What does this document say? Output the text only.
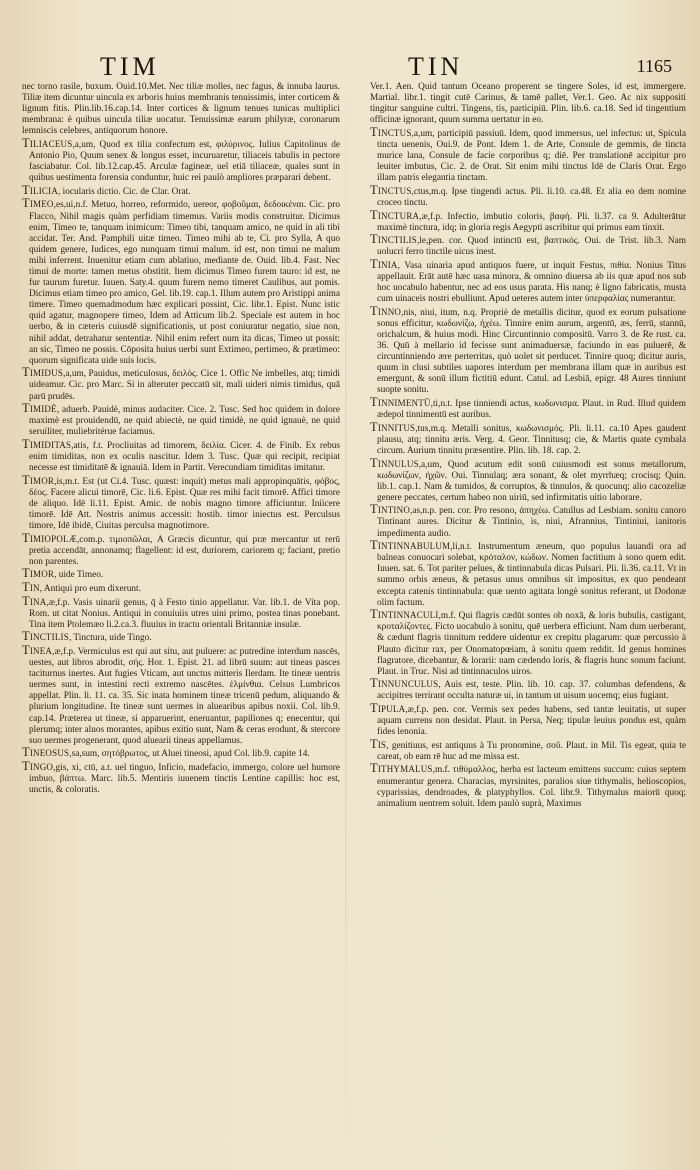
TIM	TIN	1165

nec torno rasile, buxum. Ouid.10.Met. Nec tiliæ molles, nec fagus, & innuba laurus. Tiliæ item dicuntur uincula ex arboris huius membranis tenuissimis, inter corticem & lignum fitis. Plin.lib.16.cap.14. Inter cortices & lignum tenues tunicas multiplici membrana: è quibus uincula tiliæ uocatur. Tenuissimæ earum philyræ, coronarum lemniscis celebres, antiquorum honore.

Tiliaceus,a,um, Quod ex tilia confectum est, φιλύρινος. Iulius Capitolinus de Antonio Pio, Quum senex & longus esset, incuruaretur, tiliaceis tabulis in pectore fasciabatur. Col. lib.12.cap.45. Arculæ fagineæ, uel etiā tiliaceæ, quales sunt in quibus uestimenta forensia conduntur, huic rei paulò ampliores præparari debent.

Tilicia, iocularis dictio. Cic. de Clar. Orat.

Timeo,es,ui,n.f. Metuo, horreo, reformido, uereor, φοβοῦμαι, δεδοικέναι. Cic. pro Flacco, Nihil magis quàm perfidiam timemus. Variis modis construitur. Dicimus enim, Timeo te, tanquam inimicum: Timeo tibi, tanquam amico, ne quid in ali tibi accidat. Ter. And. Pamphili uitæ timeo. Timeo mihi ab te, Ci. pro Sylla, A quo quidem genere, Iudices, ego nunquam timui malum. id est, non timui ne malum mihi inferrent. Inuenitur etiam cum ablatiuo, mediante de. Ouid. lib.4. Fast. Nec timui de morte: tamen metus obstitit. Item dicimus Timeo furem tauro: id est, ne fur taurum furetur. Iuuen. Saty.4. quum furem nemo timeret Caulibus, aut pomis. Dicimus etiam timeo pro amico, Gel. lib.19. cap.1. Illum autem pro Aristippi anima timere. Timeo quemadmodum hæc explicari possint, Cic. libr.1. Epist. Nunc istic quid agatur, magnopere timeo, Idem ad Atticum lib.2. Speciale est autem in hoc uerbo, & in cæteris cuiusdē significationis, ut post coniuratur negatio, siue non, nihil addat, detrahatur sententiæ. Nihil enim refert num ita dicas, Timeo ut possit: an sic, Timeo ne possis. Cōposita huius uerbi sunt Extimeo, pertimeo, & prætimeo: quorum significata uide suis locis.

Timidus,a,um, Pauidus, meticulosus, δειλός. Cice 1. Offic Ne imbelles, atq; timidi uideamur. Cic. pro Marc. Si in alteruter peccatū sit, mali uideri nimis timidus, quā parū prudēs.

Timidè, aduerb. Pauidè, minus audaciter. Cice. 2. Tusc. Sed hoc quidem in dolore maximè est prouidendū, ne quid abiectè, ne quid timidè, ne quid ignauè, ne quid seruiliter, muliebritérue faciamus.

Timiditas,atis, f.t. Procliuitas ad timorem, δειλία. Cicer. 4. de Finib. Ex rebus enim timiditas, non ex oculis nascitur. Idem 3. Tusc. Quæ qui recipit, recipiat necesse est timiditatē & ignauiā. Idem in Partit. Verecundiam timiditas imitatur.

Timor,is,m.t. Est (ut Ci.4. Tusc. quæst: inquit) metus mali appropinquātis, φόβος, δέος. Facere alicui timorē, Cic. li.6. Epist. Quæ res mihi facit timorē. Affici timore de aliquo. Idē li.11. Epist. Amic. de nobis magno timore afficiuntur. Iniicere timorē. Idē Att. Nostris animus accessit: hostib. timor iniectus est. Perculsus timore, Idē ibidē, Ciuitas perculsa magnotimore.

Timiopolæ,com.p. τιμιοπῶλαι, A Græcis dicuntur, qui præ mercantur ut rerū pretia accendāt, annonamq; flagellent: id est, duriorem, cariorem q; faciant, pretio non parentes.

Timor, uide Timeo.

Tin, Antiqui pro eum dixerunt.

Tina,æ,f.p. Vasis uinarii genus, q̄ à Festo tinio appellatur. Var. lib.1. de Vita pop. Rom. ut citat Nonius. Antiqui in conuiuiis utres uini primo, postea tinas ponebant. Tina item Ptolemæo li.2.ca.3. fluuius in tractu orientali Britanniæ insulæ.

Tinctilis, Tinctura, uide Tingo.

Tinea,æ,f.p. Vermiculus est qui aut situ, aut puluere: ac putredine interdum nascēs, uestes, aut libros abrodit, σής. Hor. 1. Epist. 21. ad librū suum: aut tineas pasces taciturnus inertes. Aut fugies Vticam, aut unctus mitteris Ilerdam. Ite tineæ uentris uermes sunt, in intestini recti extremo nascētes. ἑλμίνθια. Celsus Lumbricos appellat. Plin. li. 11. ca. 35. Sic inata hominem tineæ tricenū pedum, aliquando & plurium longitudine. Ite tineæ sunt uermes in aluearibus apibus noxii. Col. lib.9. cap.14. Præterea ut tineæ, si apparuerint, eneruantur, papiliones q; enecentur, qui plerumq; inter aluos morantes, apibus exitio sunt, Nam & ceras erodunt, & stercore suo uermes progenerant, quod aluearii tineas appellamus.

Tineosus,sa,sum, σητόβρωτος, ut Aluei tineosi, apud Col. lib.9. capite 14.

Tingo,gis, xi, ctū, a.t. uel tinguo, Inficio, madefacio, immergo, colore uel humore imbuo, βάπτω. Marc. lib.5. Mentiris iuuenem tinctis Lentine capillis: hoc est, unctis, & coloratis.

Ver.1. Aen. Quid tantum Oceano properent se tingere Soles, id est, immergere. Martial. libr.1. tingit cutē Carinus, & tamē pallet, Ver.1. Geo. Ac nix suppositi tingitur sanguine cultri. Tingens, tis, participiū. Plin. lib.6. ca.18. Sed id tingentium officinæ ignorant, quum summa uertatur in eo.

Tinctus,a,um, participiū passiuū. Idem, quod immersus, uel infectus: ut, Spicula tincta uenenis, Oui.9. de Pont. Idem 1. de Arte, Consule de gemmis, de tincta murice lana, Consule de facie corporibus q; diē. Per translationē accipitur pro leuiter imbutus, Cic. 2. de Orat. Sit enim mihi tinctus Idē de Claris Orat. Ergo illam patris elegantia tinctam.

Tinctus,ctus,m.q. Ipse tingendi actus. Pli. li.10. ca.48. Et alia eo dem nomine croceo tinctu.

Tinctura,æ,f.p. Infectio, imbutio coloris, βαφή. Pli. li.37. ca 9. Adulterātur maximè tinctura, idq; in gloria regis Aegypti ascribitur qui primus eam tinxit.

Tinctilis,le,pen. cor. Quod intinctū est, βαπτικός. Oui. de Trist. lib.3. Nam uolucri ferro tinctile uicus inest.

Tinia, Vasa uinaria apud antiquos fuere, ut inquit Festus, πιθία. Nonius Titus appellauit. Erāt autē hæc uasa minora, & omnino diuersa ab iis quæ apud nos sub hoc uocabulo habentur, nec ad eos usus parata. His nanq; è ligno fabricatis, musta cum uinaceis nostri ebulliunt. Apud ueteres autem inter ὑπερφαλίας numerantur.

Tinno,nis, niui, itum, n.q. Propriè de metallis dicitur, quod ex eorum pulsatione sonus efficitur, κωδωνίζω, ἠχέω. Tinnire enim aurum, argentū, æs, ferrū, stannū, orichalcum, & huius modi. Hinc Circuntinnio compositū. Varro 3. de Re rust. ca. 36. Quū à mellario id fecisse sunt animaduersæ, faciundo in eas puluerē, & circuntinniendo ære perterritas, quò uolet sit perducet. Tinnire quoq; dicitur auris, quum in clusi subtiles uapores interdum per membrana illam quæ in auribus est emergunt, & sonū illum fictitiū edunt. Catul. ad Lesbiā, epigr. 48 Aures tinniunt suopte sonitu.

Tinnimentū,ti,n.t. Ipse tinniendi actus, κωδωνισμα. Plaut. in Rud. Illud quidem ædepol tinnimentū est auribus.

Tinnitus,tus,m.q. Metalli sonitus, κωδωνισμός. Pli. li.11. ca.10 Apes gaudent plausu, atq; tinnitu æris. Verg. 4. Geor. Tinnitusq; cie, & Martis quate cymbala circum. Aurium tinnitu præsentire. Plin. lib. 18. cap. 2.

Tinnulus,a,um, Quod acutum edit sonū cuiusmodi est sonus metallorum, κωδωνίζων, ἠχῶν. Oui. Tinnulaq; æra sonant, & olet myrrhæq; crocisq; Quin. lib.1. cap.1. Nam & tumidos, & corruptos, & tinnulos, & quocunq; alio cacozeliæ genere peccates, certum habeo non uiriū, sed infirmitatis uitio laborare.

Tintino,as,n.p. pen. cor. Pro resono, ἀπηχέω. Catullus ad Lesbiam. sonitu canoro Tintinant aures. Dicitur & Tintinio, is, niui, Afrannius, Tintiniui, ianitoris impedimenta audio.

Tintinnabulum,li,n.t. Instrumentum æneum, quo populus lauandi ora ad balneas conuocari solebat, κρόταλον, κώδων. Nomen factitium à sono quem edit. Iuuen. sat. 6. Tot pariter pelues, & tintinnabula dicas Pulsari. Pli. li.36. ca.11. Vt in summo orbis æneus, & petasus unus omnibus sit impositus, ex quo pendeant excepta catenis tintinnabula: quæ uento agitata longè sonitus referant, ut Dodonæ olim factum.

Tintinnaculi,m.f. Qui flagris cædūt sontes ob noxā, & loris bubulis, castigant, κροταλίζοντες. Ficto uocabulo à sonitu, quē uerbera efficiunt. Nam dum uerberant, & cædunt flagris tinnitum reddere uidentur ex crepitu plagarum: quæ percussio à Plauto dicitur rax, per Onomatopœiam, à sonitu quem reddit. Id genus homines flagratore, dicebantur, & lorarii: nam cædendo loris, & flagris hunc sonum faciunt. Plaut. in Truc. Nisi ad tintinnaculos uiros.

Tinnunculus, Auis est, teste. Plin. lib. 10. cap. 37. columbas defendens, & accipitres terrirant occulta naturæ ui, in tantum ut uisum uocemq; eius fugiant.

Tipula,æ,f.p. pen. cor. Vermis sex pedes habens, sed tantæ leuitatis, ut super aquam currens non desidat. Plaut. in Persa, Neq; tipulæ leuius pondus est, quàm fides lenonia.

Tis, genitiuus, est antiquus à Tu pronomine, σοῦ. Plaut. in Mil. Tis egeat, quia te careat, ob eam rē huc ad me missa est.

Tithymalus,m.f. τιθύμαλλος, herba est lacteum emittens succum: cuius septem enumerantur genera. Characias, myrsinites, paralios siue tithymalis, helioscopios, cyparissias, dendroades, & platyphyllos. Col. libr.9. Tithymalus maiorū quoq; animalium uentrem soluit. Idem paulò suprà, Maximus
